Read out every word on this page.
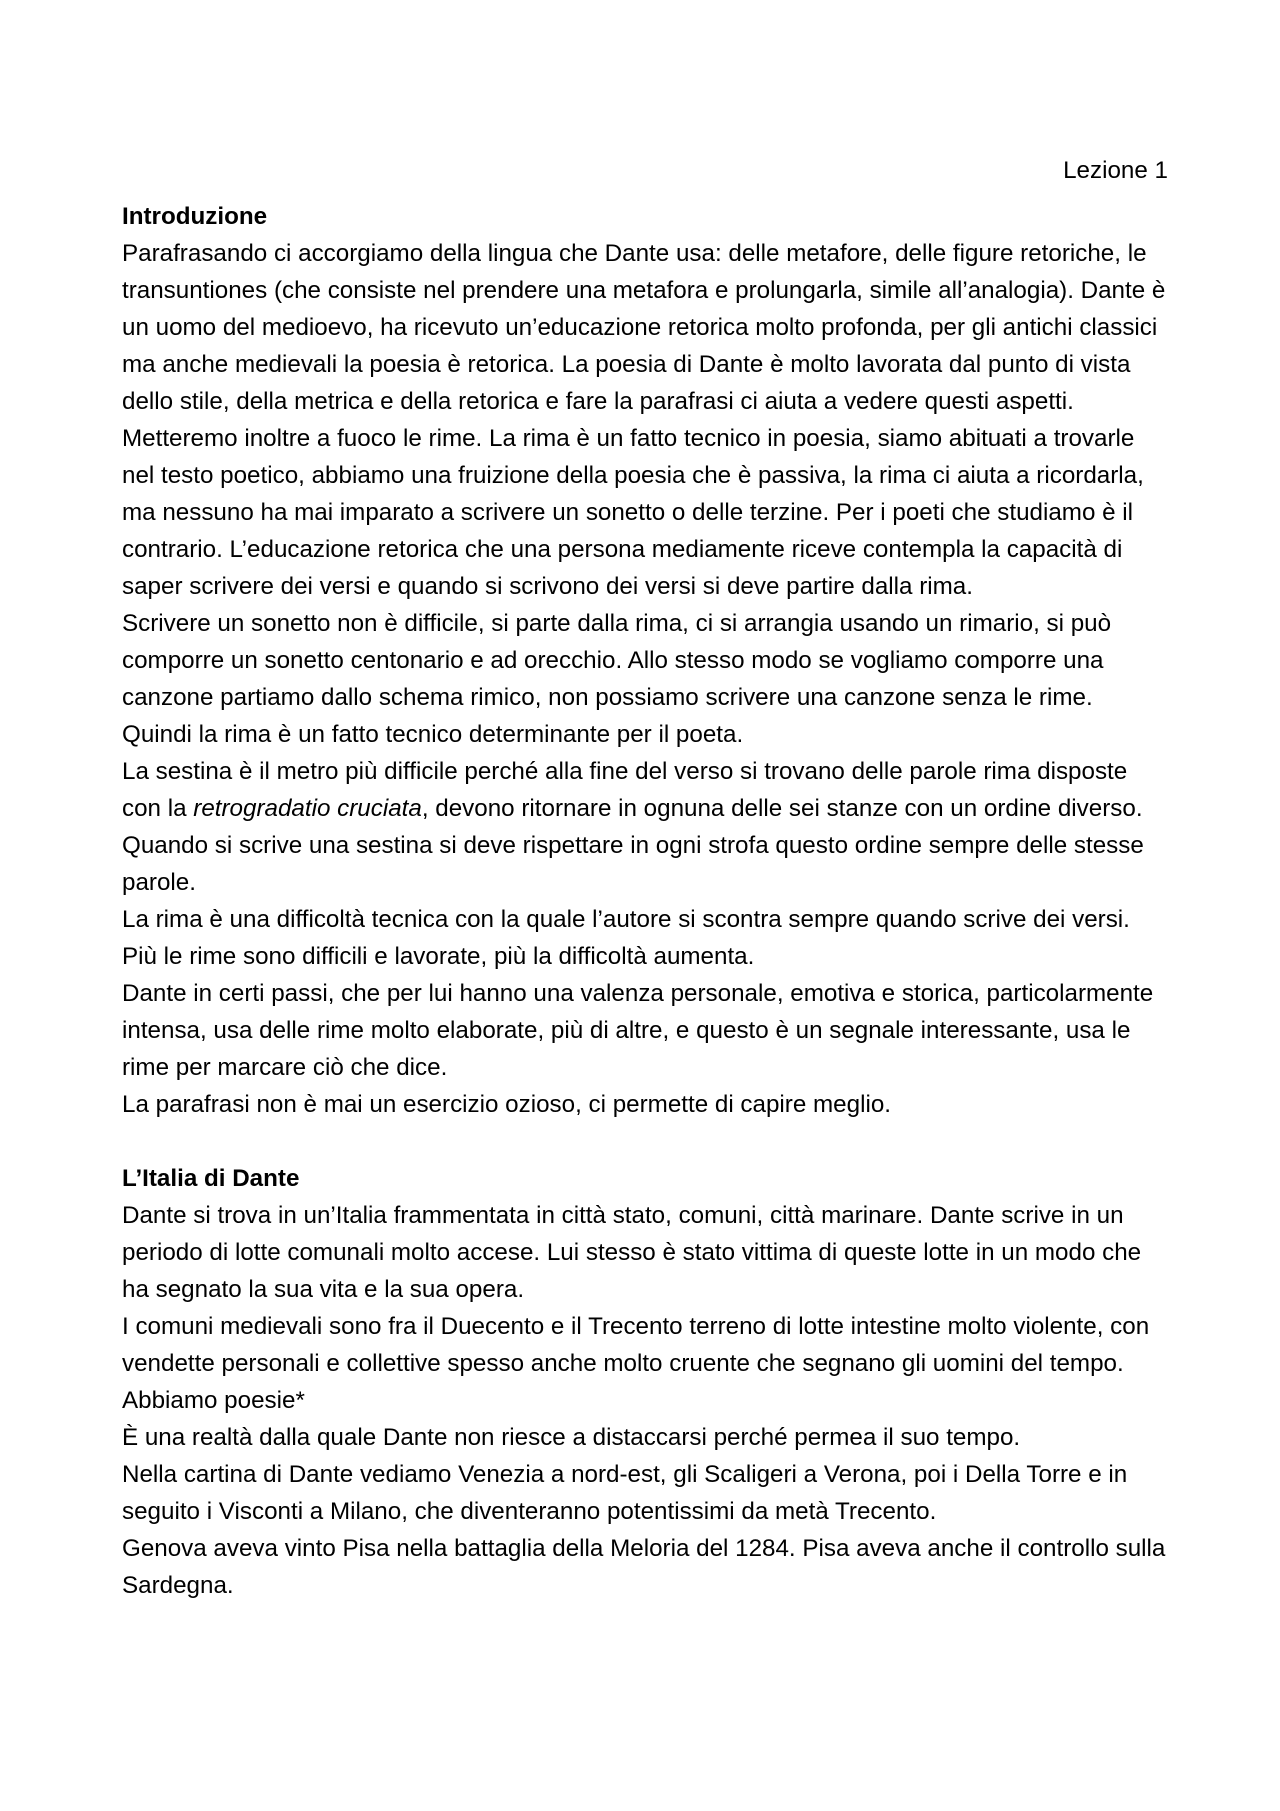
Lezione 1

Introduzione

Parafrasando ci accorgiamo della lingua che Dante usa: delle metafore, delle figure retoriche, le transuntiones (che consiste nel prendere una metafora e prolungarla, simile all’analogia). Dante è un uomo del medioevo, ha ricevuto un’educazione retorica molto profonda, per gli antichi classici ma anche medievali la poesia è retorica. La poesia di Dante è molto lavorata dal punto di vista dello stile, della metrica e della retorica e fare la parafrasi ci aiuta a vedere questi aspetti.

Metteremo inoltre a fuoco le rime. La rima è un fatto tecnico in poesia, siamo abituati a trovarle nel testo poetico, abbiamo una fruizione della poesia che è passiva, la rima ci aiuta a ricordarla, ma nessuno ha mai imparato a scrivere un sonetto o delle terzine. Per i poeti che studiamo è il contrario. L’educazione retorica che una persona mediamente riceve contempla la capacità di saper scrivere dei versi e quando si scrivono dei versi si deve partire dalla rima.

Scrivere un sonetto non è difficile, si parte dalla rima, ci si arrangia usando un rimario, si può comporre un sonetto centonario e ad orecchio. Allo stesso modo se vogliamo comporre una canzone partiamo dallo schema rimico, non possiamo scrivere una canzone senza le rime. Quindi la rima è un fatto tecnico determinante per il poeta.

La sestina è il metro più difficile perché alla fine del verso si trovano delle parole rima disposte con la retrogradatio cruciata, devono ritornare in ognuna delle sei stanze con un ordine diverso. Quando si scrive una sestina si deve rispettare in ogni strofa questo ordine sempre delle stesse parole.

La rima è una difficoltà tecnica con la quale l’autore si scontra sempre quando scrive dei versi. Più le rime sono difficili e lavorate, più la difficoltà aumenta.

Dante in certi passi, che per lui hanno una valenza personale, emotiva e storica, particolarmente intensa, usa delle rime molto elaborate, più di altre, e questo è un segnale interessante, usa le rime per marcare ciò che dice.

La parafrasi non è mai un esercizio ozioso, ci permette di capire meglio.

L’Italia di Dante

Dante si trova in un’Italia frammentata in città stato, comuni, città marinare. Dante scrive in un periodo di lotte comunali molto accese. Lui stesso è stato vittima di queste lotte in un modo che ha segnato la sua vita e la sua opera.

I comuni medievali sono fra il Duecento e il Trecento terreno di lotte intestine molto violente, con vendette personali e collettive spesso anche molto cruente che segnano gli uomini del tempo. Abbiamo poesie*

È una realtà dalla quale Dante non riesce a distaccarsi perché permea il suo tempo.

Nella cartina di Dante vediamo Venezia a nord-est, gli Scaligeri a Verona, poi i Della Torre e in seguito i Visconti a Milano, che diventeranno potentissimi da metà Trecento.

Genova aveva vinto Pisa nella battaglia della Meloria del 1284. Pisa aveva anche il controllo sulla Sardegna.
